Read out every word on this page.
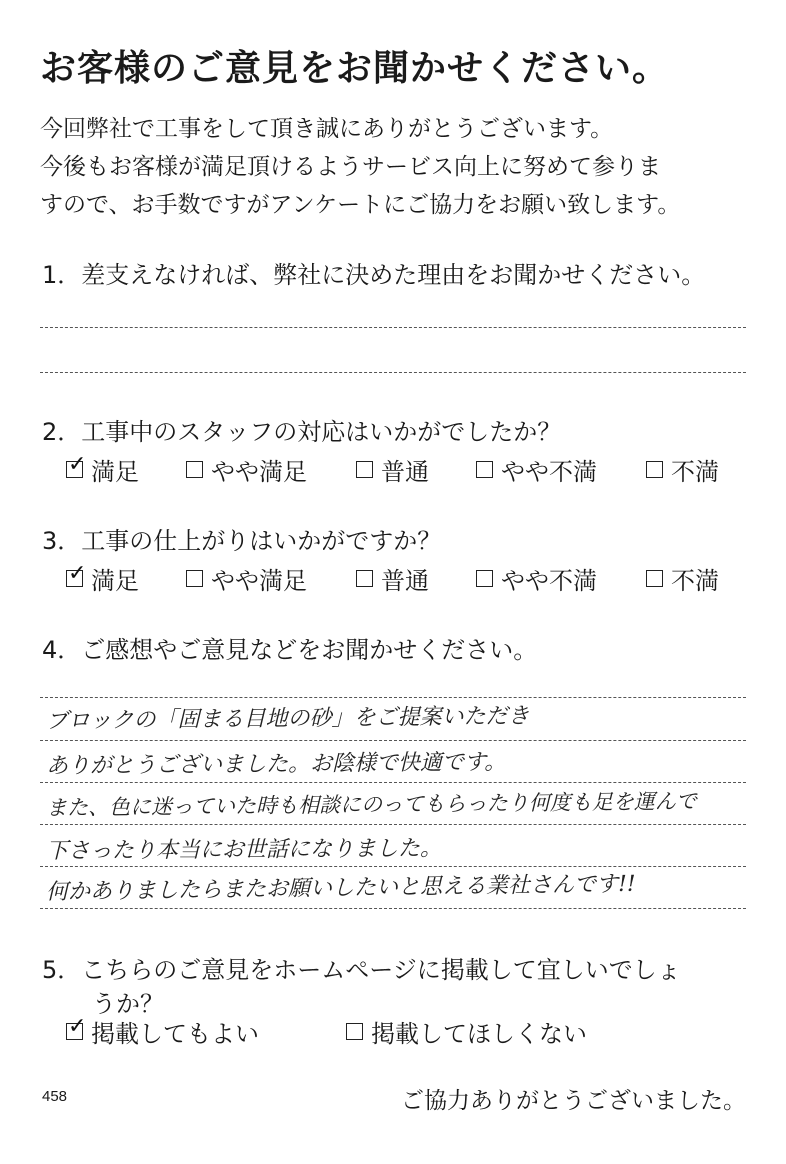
お客様のご意見をお聞かせください。
今回弊社で工事をして頂き誠にありがとうございます。
今後もお客様が満足頂けるようサービス向上に努めて参りま
すので、お手数ですがアンケートにご協力をお願い致します。
1．差支えなければ、弊社に決めた理由をお聞かせください。
2．工事中のスタッフの対応はいかがでしたか？
✓ 満足	やや満足	普通	やや不満	不満
3．工事の仕上がりはいかがですか？
✓ 満足	やや満足	普通	やや不満	不満
4．ご感想やご意見などをお聞かせください。
ブロックの「固まる目地の砂」をご提案いただき
ありがとうございました。お陰様で快適です。
また、色に迷っていた時も相談にのってもらったり何度も足を運んで
下さったり本当にお世話になりました。
何かありましたらまたお願いしたいと思える業社さんです!!
5．こちらのご意見をホームページに掲載して宜しいでしょ
うか？
✓ 掲載してもよい	掲載してほしくない
458	ご協力ありがとうございました。
